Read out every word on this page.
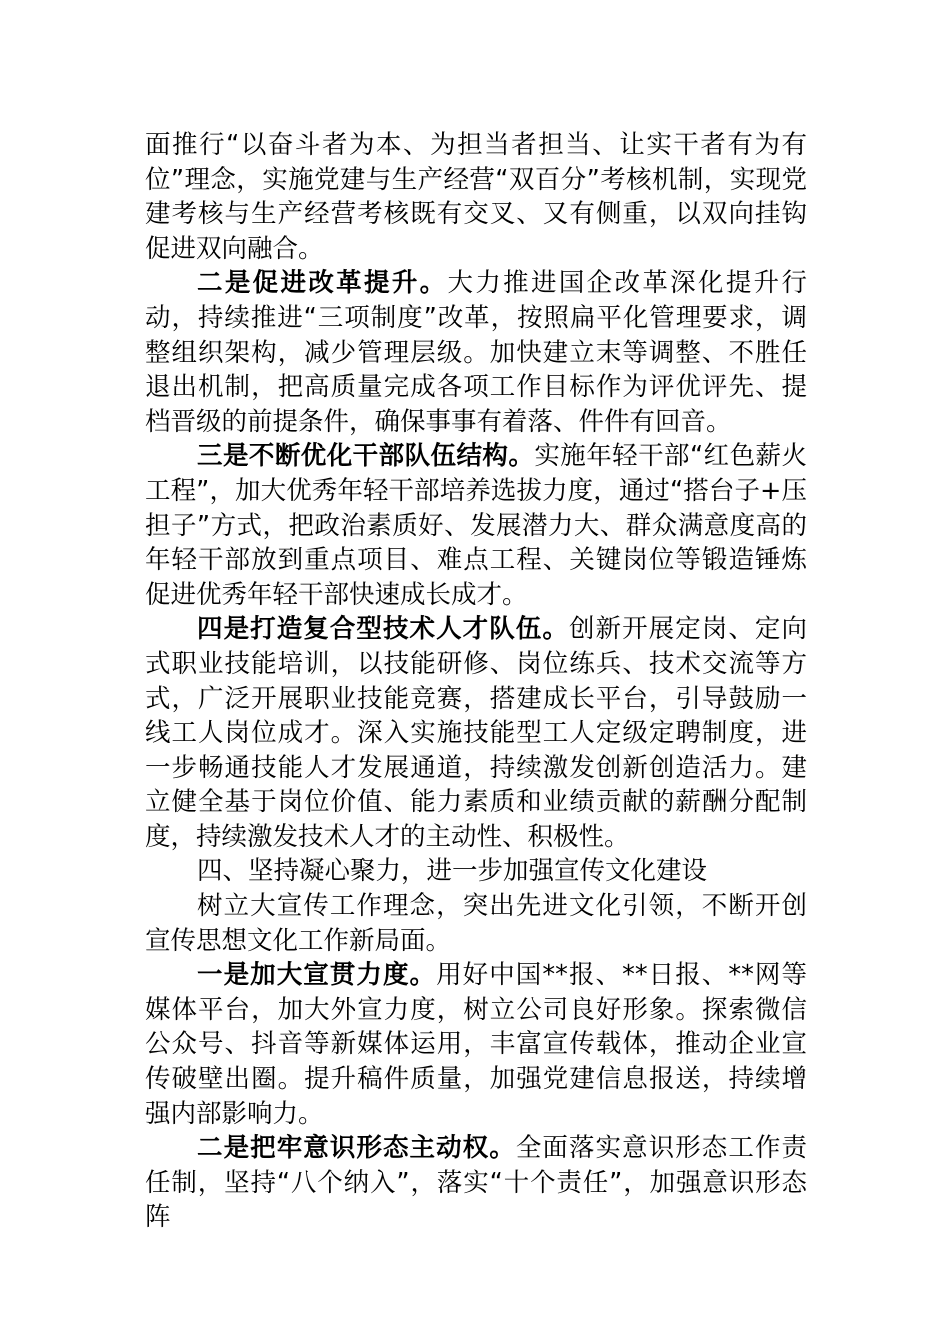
面推行“以奋斗者为本、为担当者担当、让实干者有为有位”理念，实施党建与生产经营“双百分”考核机制，实现党建考核与生产经营考核既有交叉、又有侧重，以双向挂钩促进双向融合。

二是促进改革提升。大力推进国企改革深化提升行动，持续推进“三项制度”改革，按照扁平化管理要求，调整组织架构，减少管理层级。加快建立末等调整、不胜任退出机制，把高质量完成各项工作目标作为评优评先、提档晋级的前提条件，确保事事有着落、件件有回音。

三是不断优化干部队伍结构。实施年轻干部“红色薪火工程”，加大优秀年轻干部培养选拔力度，通过“搭台子+压担子”方式，把政治素质好、发展潜力大、群众满意度高的年轻干部放到重点项目、难点工程、关键岗位等锻造锤炼促进优秀年轻干部快速成长成才。

四是打造复合型技术人才队伍。创新开展定岗、定向式职业技能培训，以技能研修、岗位练兵、技术交流等方式，广泛开展职业技能竞赛，搭建成长平台，引导鼓励一线工人岗位成才。深入实施技能型工人定级定聘制度，进一步畅通技能人才发展通道，持续激发创新创造活力。建立健全基于岗位价值、能力素质和业绩贡献的薪酬分配制度，持续激发技术人才的主动性、积极性。

四、坚持凝心聚力，进一步加强宣传文化建设

树立大宣传工作理念，突出先进文化引领，不断开创宣传思想文化工作新局面。

一是加大宣贯力度。用好中国**报、**日报、**网等媒体平台，加大外宣力度，树立公司良好形象。探索微信公众号、抖音等新媒体运用，丰富宣传载体，推动企业宣传破壁出圈。提升稿件质量，加强党建信息报送，持续增强内部影响力。

二是把牢意识形态主动权。全面落实意识形态工作责任制，坚持“八个纳入”，落实“十个责任”，加强意识形态阵
